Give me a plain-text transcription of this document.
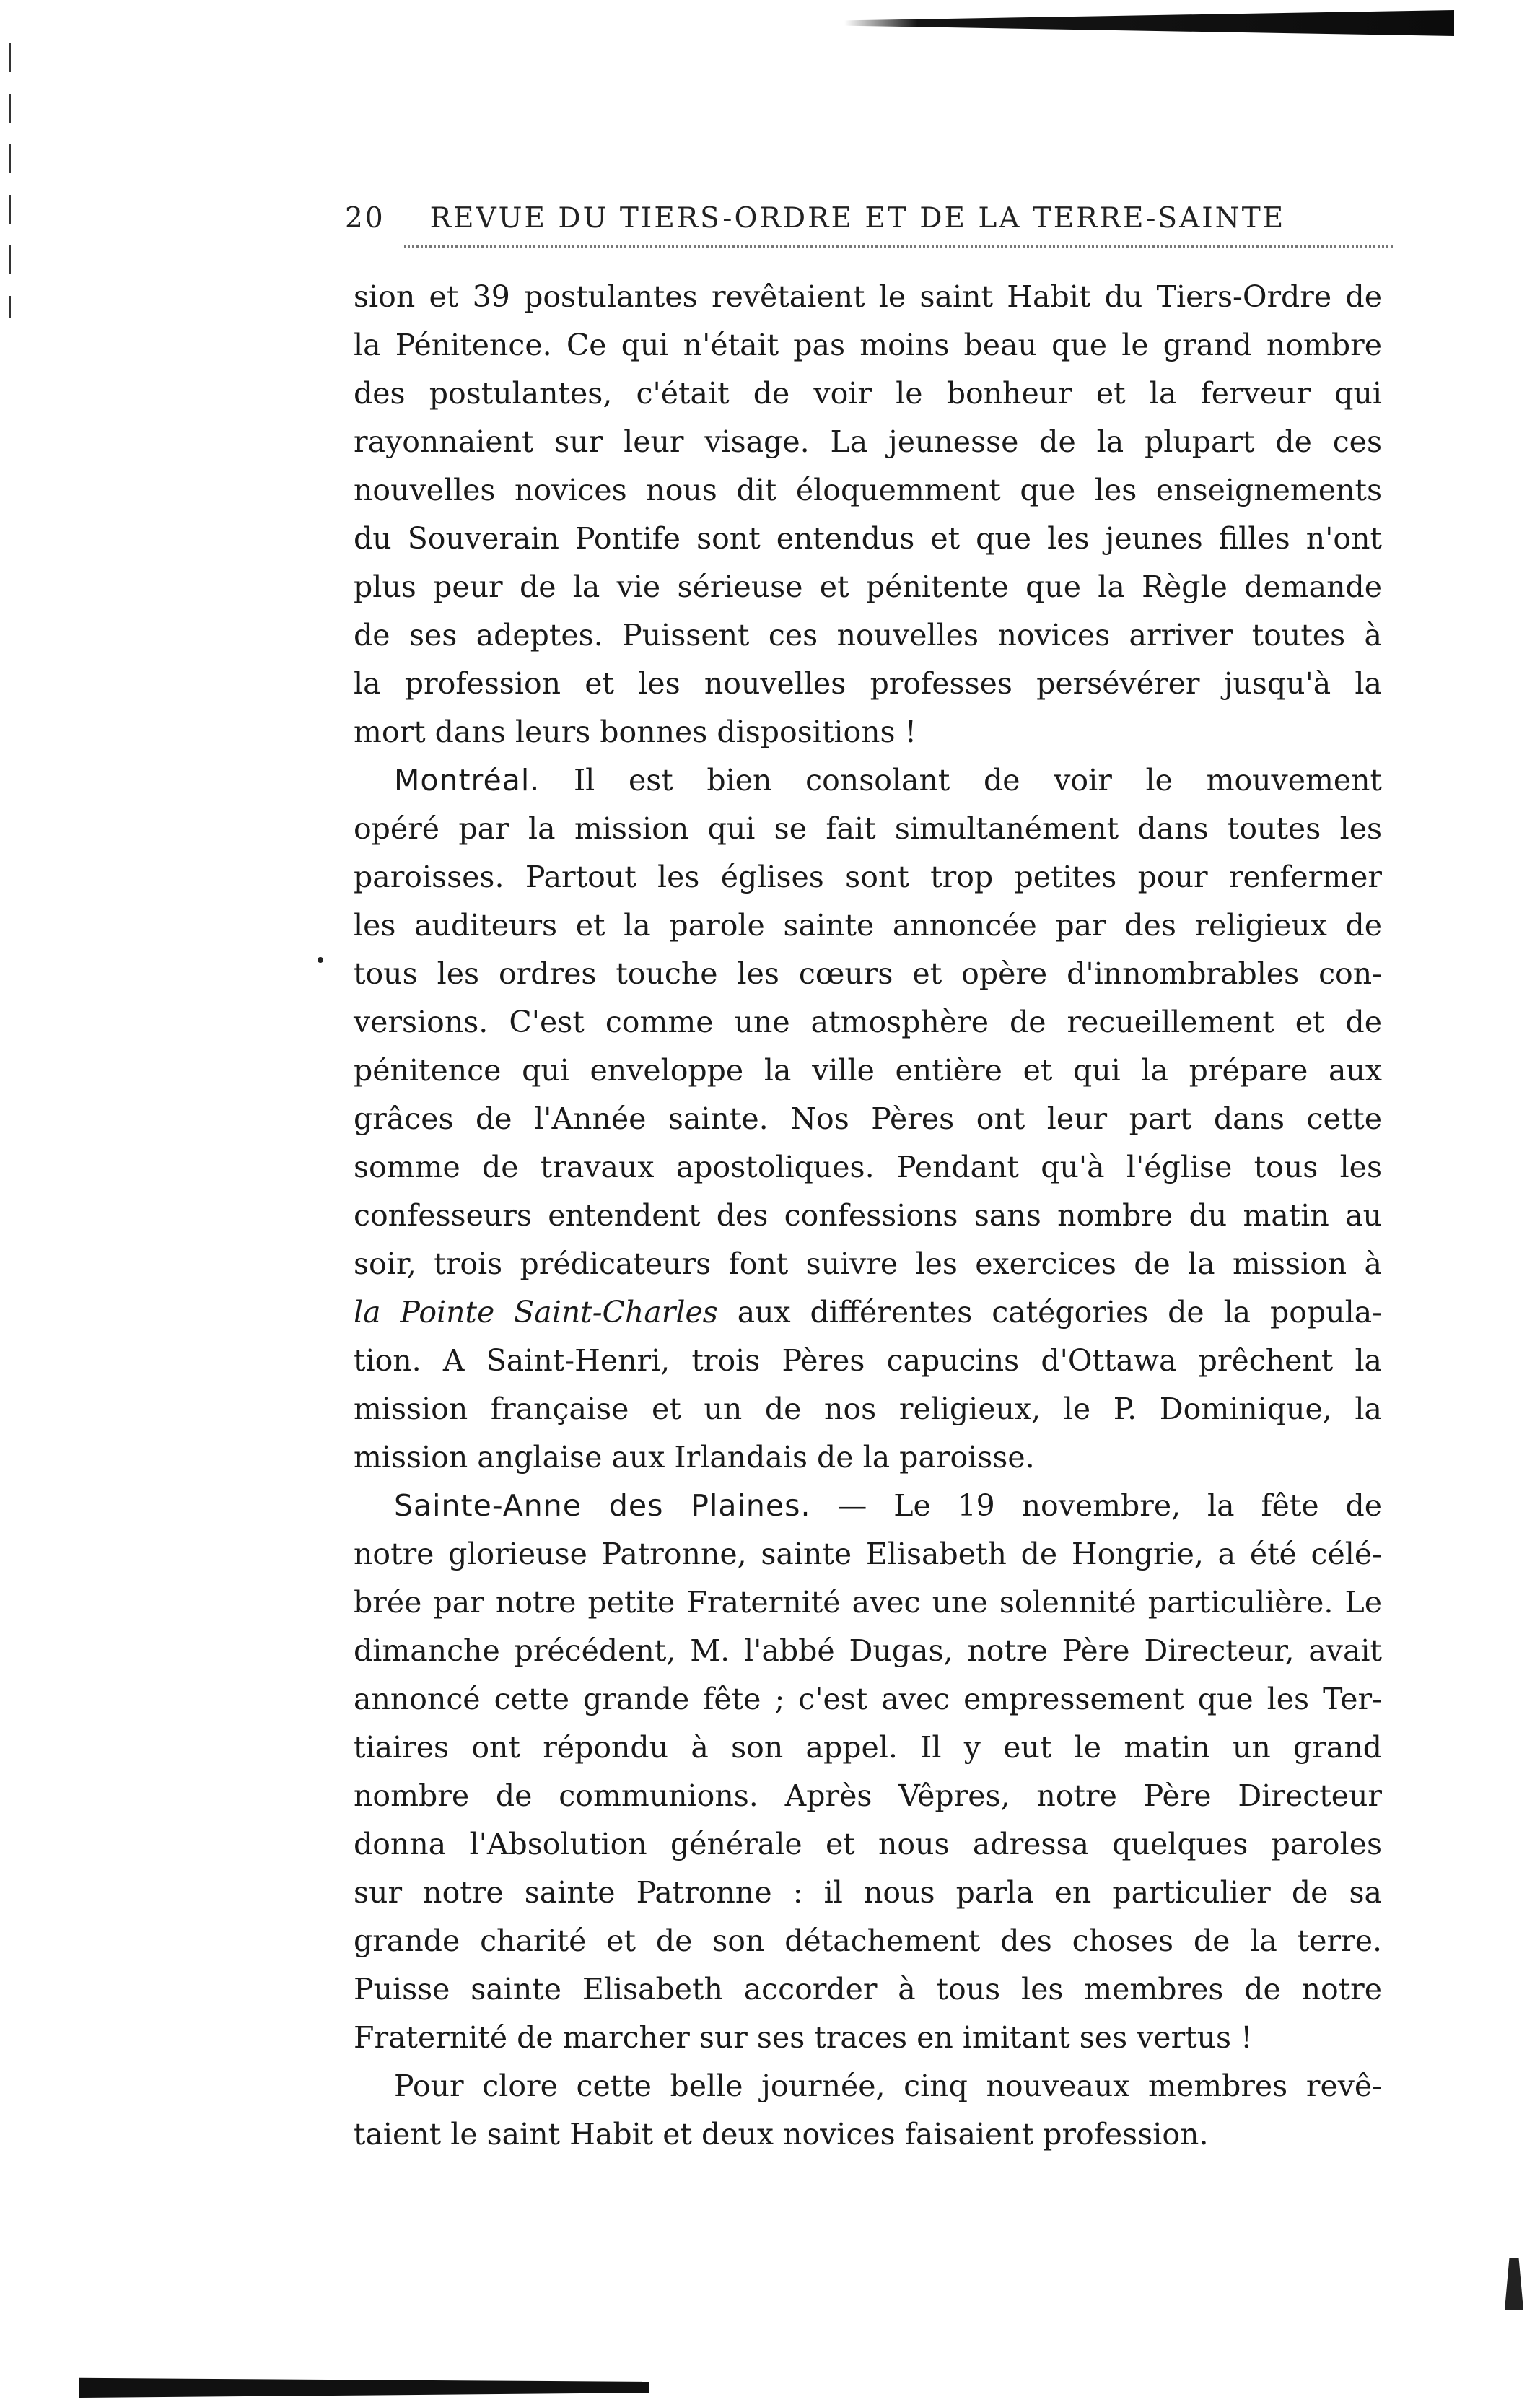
20 REVUE DU TIERS-ORDRE ET DE LA TERRE-SAINTE
sion et 39 postulantes revêtaient le saint Habit du Tiers-Ordre de
la Pénitence. Ce qui n'était pas moins beau que le grand nombre
des postulantes, c'était de voir le bonheur et la ferveur qui
rayonnaient sur leur visage. La jeunesse de la plupart de ces
nouvelles novices nous dit éloquemment que les enseignements
du Souverain Pontife sont entendus et que les jeunes filles n'ont
plus peur de la vie sérieuse et pénitente que la Règle demande
de ses adeptes. Puissent ces nouvelles novices arriver toutes à
la profession et les nouvelles professes persévérer jusqu'à la
mort dans leurs bonnes dispositions !
Montréal. Il est bien consolant de voir le mouvement
opéré par la mission qui se fait simultanément dans toutes les
paroisses. Partout les églises sont trop petites pour renfermer
les auditeurs et la parole sainte annoncée par des religieux de
tous les ordres touche les cœurs et opère d'innombrables con-
versions. C'est comme une atmosphère de recueillement et de
pénitence qui enveloppe la ville entière et qui la prépare aux
grâces de l'Année sainte. Nos Pères ont leur part dans cette
somme de travaux apostoliques. Pendant qu'à l'église tous les
confesseurs entendent des confessions sans nombre du matin au
soir, trois prédicateurs font suivre les exercices de la mission à
la Pointe Saint-Charles aux différentes catégories de la popula-
tion. A Saint-Henri, trois Pères capucins d'Ottawa prêchent la
mission française et un de nos religieux, le P. Dominique, la
mission anglaise aux Irlandais de la paroisse.
Sainte-Anne des Plaines. — Le 19 novembre, la fête de
notre glorieuse Patronne, sainte Elisabeth de Hongrie, a été célé-
brée par notre petite Fraternité avec une solennité particulière. Le
dimanche précédent, M. l'abbé Dugas, notre Père Directeur, avait
annoncé cette grande fête ; c'est avec empressement que les Ter-
tiaires ont répondu à son appel. Il y eut le matin un grand
nombre de communions. Après Vêpres, notre Père Directeur
donna l'Absolution générale et nous adressa quelques paroles
sur notre sainte Patronne : il nous parla en particulier de sa
grande charité et de son détachement des choses de la terre.
Puisse sainte Elisabeth accorder à tous les membres de notre
Fraternité de marcher sur ses traces en imitant ses vertus !
Pour clore cette belle journée, cinq nouveaux membres revê-
taient le saint Habit et deux novices faisaient profession.
